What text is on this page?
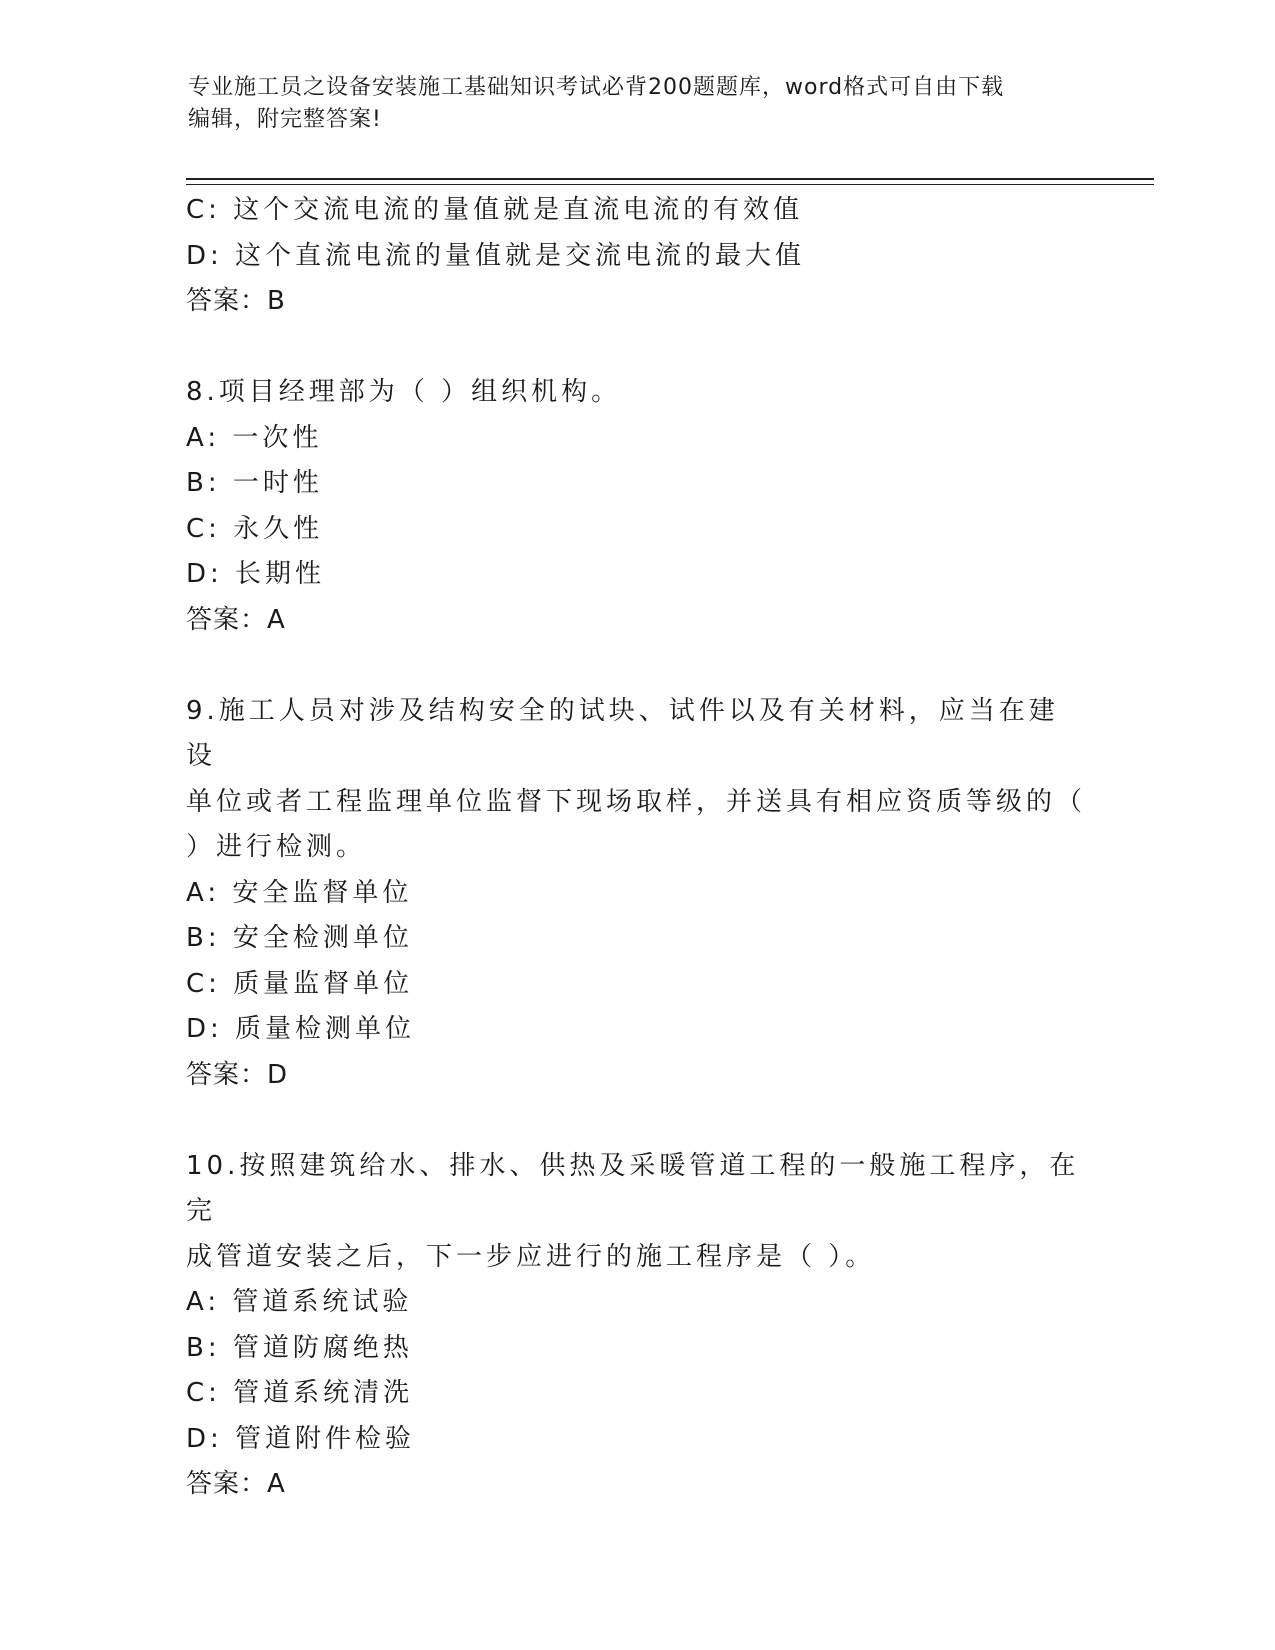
专业施工员之设备安装施工基础知识考试必背200题题库，word格式可自由下载
编辑，附完整答案!
C: 这个交流电流的量值就是直流电流的有效值
D: 这个直流电流的量值就是交流电流的最大值
答案：B
8.项目经理部为（ ）组织机构。
A: 一次性
B: 一时性
C: 永久性
D: 长期性
答案：A
9.施工人员对涉及结构安全的试块、试件以及有关材料，应当在建设
单位或者工程监理单位监督下现场取样，并送具有相应资质等级的（
）进行检测。
A: 安全监督单位
B: 安全检测单位
C: 质量监督单位
D: 质量检测单位
答案：D
10.按照建筑给水、排水、供热及采暖管道工程的一般施工程序，在完
成管道安装之后，下一步应进行的施工程序是（ ）。
A: 管道系统试验
B: 管道防腐绝热
C: 管道系统清洗
D: 管道附件检验
答案：A
